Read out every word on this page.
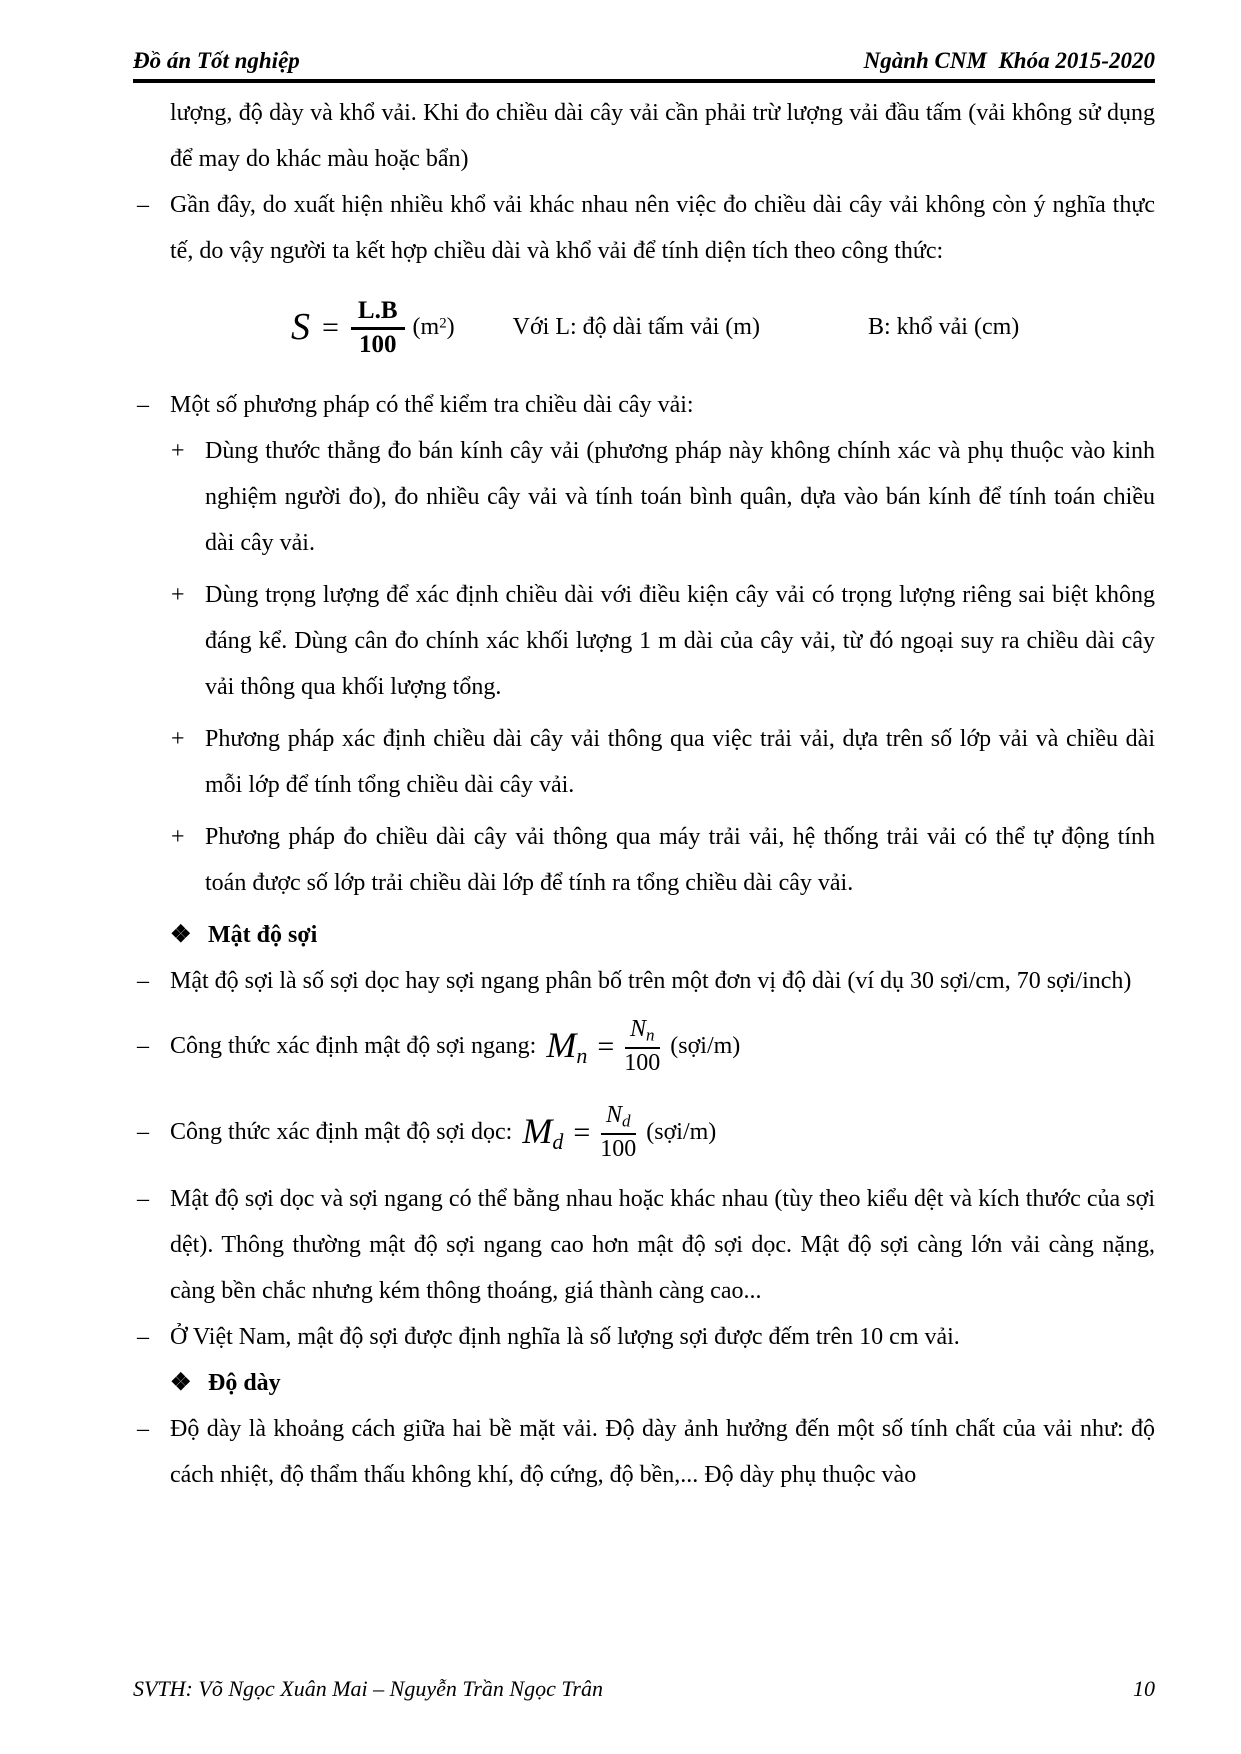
Đồ án Tốt nghiệp	Ngành CNM  Khóa 2015-2020
lượng, độ dày và khổ vải. Khi đo chiều dài cây vải cần phải trừ lượng vải đầu tấm (vải không sử dụng để may do khác màu hoặc bẩn)
– Gần đây, do xuất hiện nhiều khổ vải khác nhau nên việc đo chiều dài cây vải không còn ý nghĩa thực tế, do vậy người ta kết hợp chiều dài và khổ vải để tính diện tích theo công thức:
$S = \frac{L.B}{100} (m^2)$ Với L: độ dài tấm vải (m)	B: khổ vải (cm)
– Một số phương pháp có thể kiểm tra chiều dài cây vải:
+ Dùng thước thẳng đo bán kính cây vải (phương pháp này không chính xác và phụ thuộc vào kinh nghiệm người đo), đo nhiều cây vải và tính toán bình quân, dựa vào bán kính để tính toán chiều dài cây vải.
+ Dùng trọng lượng để xác định chiều dài với điều kiện cây vải có trọng lượng riêng sai biệt không đáng kể. Dùng cân đo chính xác khối lượng 1 m dài của cây vải, từ đó ngoại suy ra chiều dài cây vải thông qua khối lượng tổng.
+ Phương pháp xác định chiều dài cây vải thông qua việc trải vải, dựa trên số lớp vải và chiều dài mỗi lớp để tính tổng chiều dài cây vải.
+ Phương pháp đo chiều dài cây vải thông qua máy trải vải, hệ thống trải vải có thể tự động tính toán được số lớp trải chiều dài lớp để tính ra tổng chiều dài cây vải.
❖ Mật độ sợi
– Mật độ sợi là số sợi dọc hay sợi ngang phân bố trên một đơn vị độ dài (ví dụ 30 sợi/cm, 70 sợi/inch)
– Công thức xác định mật độ sợi ngang: $Mn = \frac{Nn}{100}$ (sợi/m)
– Công thức xác định mật độ sợi dọc: $Md = \frac{Nd}{100}$ (sợi/m)
– Mật độ sợi dọc và sợi ngang có thể bằng nhau hoặc khác nhau (tùy theo kiểu dệt và kích thước của sợi dệt). Thông thường mật độ sợi ngang cao hơn mật độ sợi dọc. Mật độ sợi càng lớn vải càng nặng, càng bền chắc nhưng kém thông thoáng, giá thành càng cao...
– Ở Việt Nam, mật độ sợi được định nghĩa là số lượng sợi được đếm trên 10 cm vải.
❖ Độ dày
– Độ dày là khoảng cách giữa hai bề mặt vải. Độ dày ảnh hưởng đến một số tính chất của vải như: độ cách nhiệt, độ thẩm thấu không khí, độ cứng, độ bền,... Độ dày phụ thuộc vào
SVTH: Võ Ngọc Xuân Mai – Nguyễn Trần Ngọc Trân	10
